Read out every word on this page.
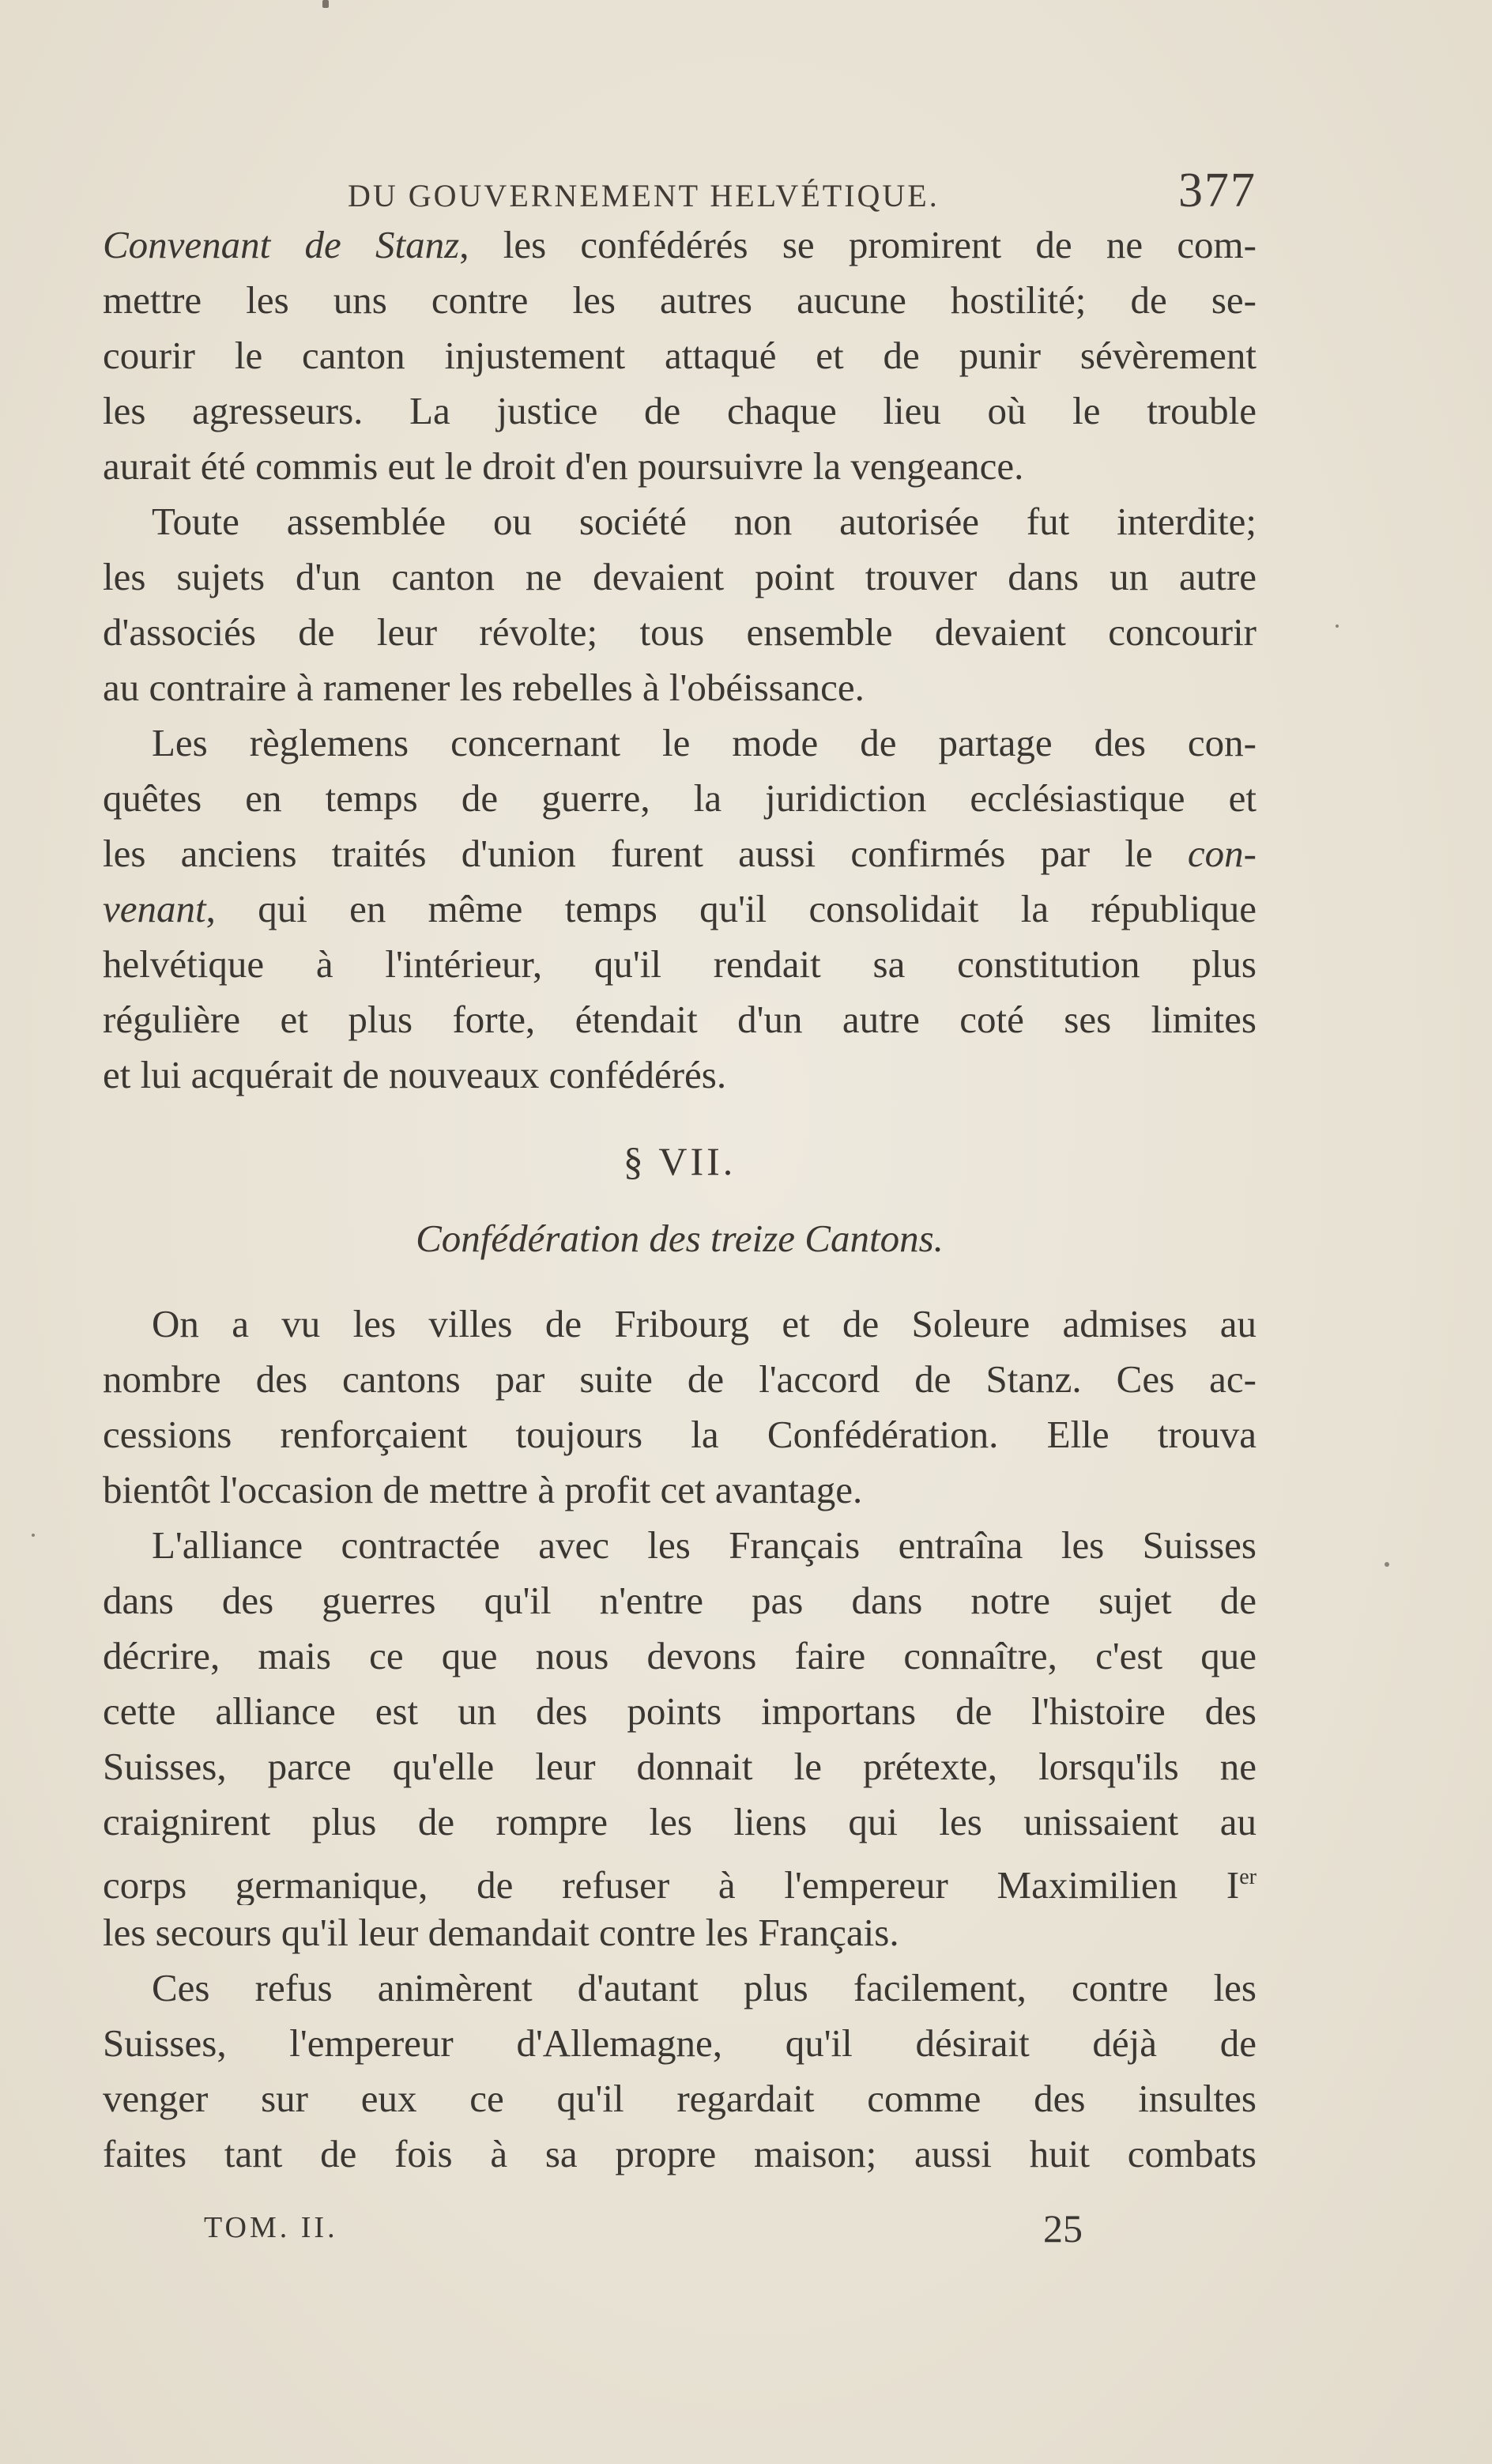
DU GOUVERNEMENT HELVÉTIQUE.	377
Convenant de Stanz, les confédérés se promirent de ne com-
mettre les uns contre les autres aucune hostilité; de se-
courir le canton injustement attaqué et de punir sévèrement
les agresseurs. La justice de chaque lieu où le trouble
aurait été commis eut le droit d'en poursuivre la vengeance.
Toute assemblée ou société non autorisée fut interdite;
les sujets d'un canton ne devaient point trouver dans un autre
d'associés de leur révolte; tous ensemble devaient concourir
au contraire à ramener les rebelles à l'obéissance.
Les règlemens concernant le mode de partage des con-
quêtes en temps de guerre, la juridiction ecclésiastique et
les anciens traités d'union furent aussi confirmés par le con-
venant, qui en même temps qu'il consolidait la république
helvétique à l'intérieur, qu'il rendait sa constitution plus
régulière et plus forte, étendait d'un autre coté ses limites
et lui acquérait de nouveaux confédérés.
§ VII.
Confédération des treize Cantons.
On a vu les villes de Fribourg et de Soleure admises au
nombre des cantons par suite de l'accord de Stanz. Ces ac-
cessions renforçaient toujours la Confédération. Elle trouva
bientôt l'occasion de mettre à profit cet avantage.
L'alliance contractée avec les Français entraîna les Suisses
dans des guerres qu'il n'entre pas dans notre sujet de
décrire, mais ce que nous devons faire connaître, c'est que
cette alliance est un des points importans de l'histoire des
Suisses, parce qu'elle leur donnait le prétexte, lorsqu'ils ne
craignirent plus de rompre les liens qui les unissaient au
corps germanique, de refuser à l'empereur Maximilien Ier
les secours qu'il leur demandait contre les Français.
Ces refus animèrent d'autant plus facilement, contre les
Suisses, l'empereur d'Allemagne, qu'il désirait déjà de
venger sur eux ce qu'il regardait comme des insultes
faites tant de fois à sa propre maison; aussi huit combats
TOM. II.	25
